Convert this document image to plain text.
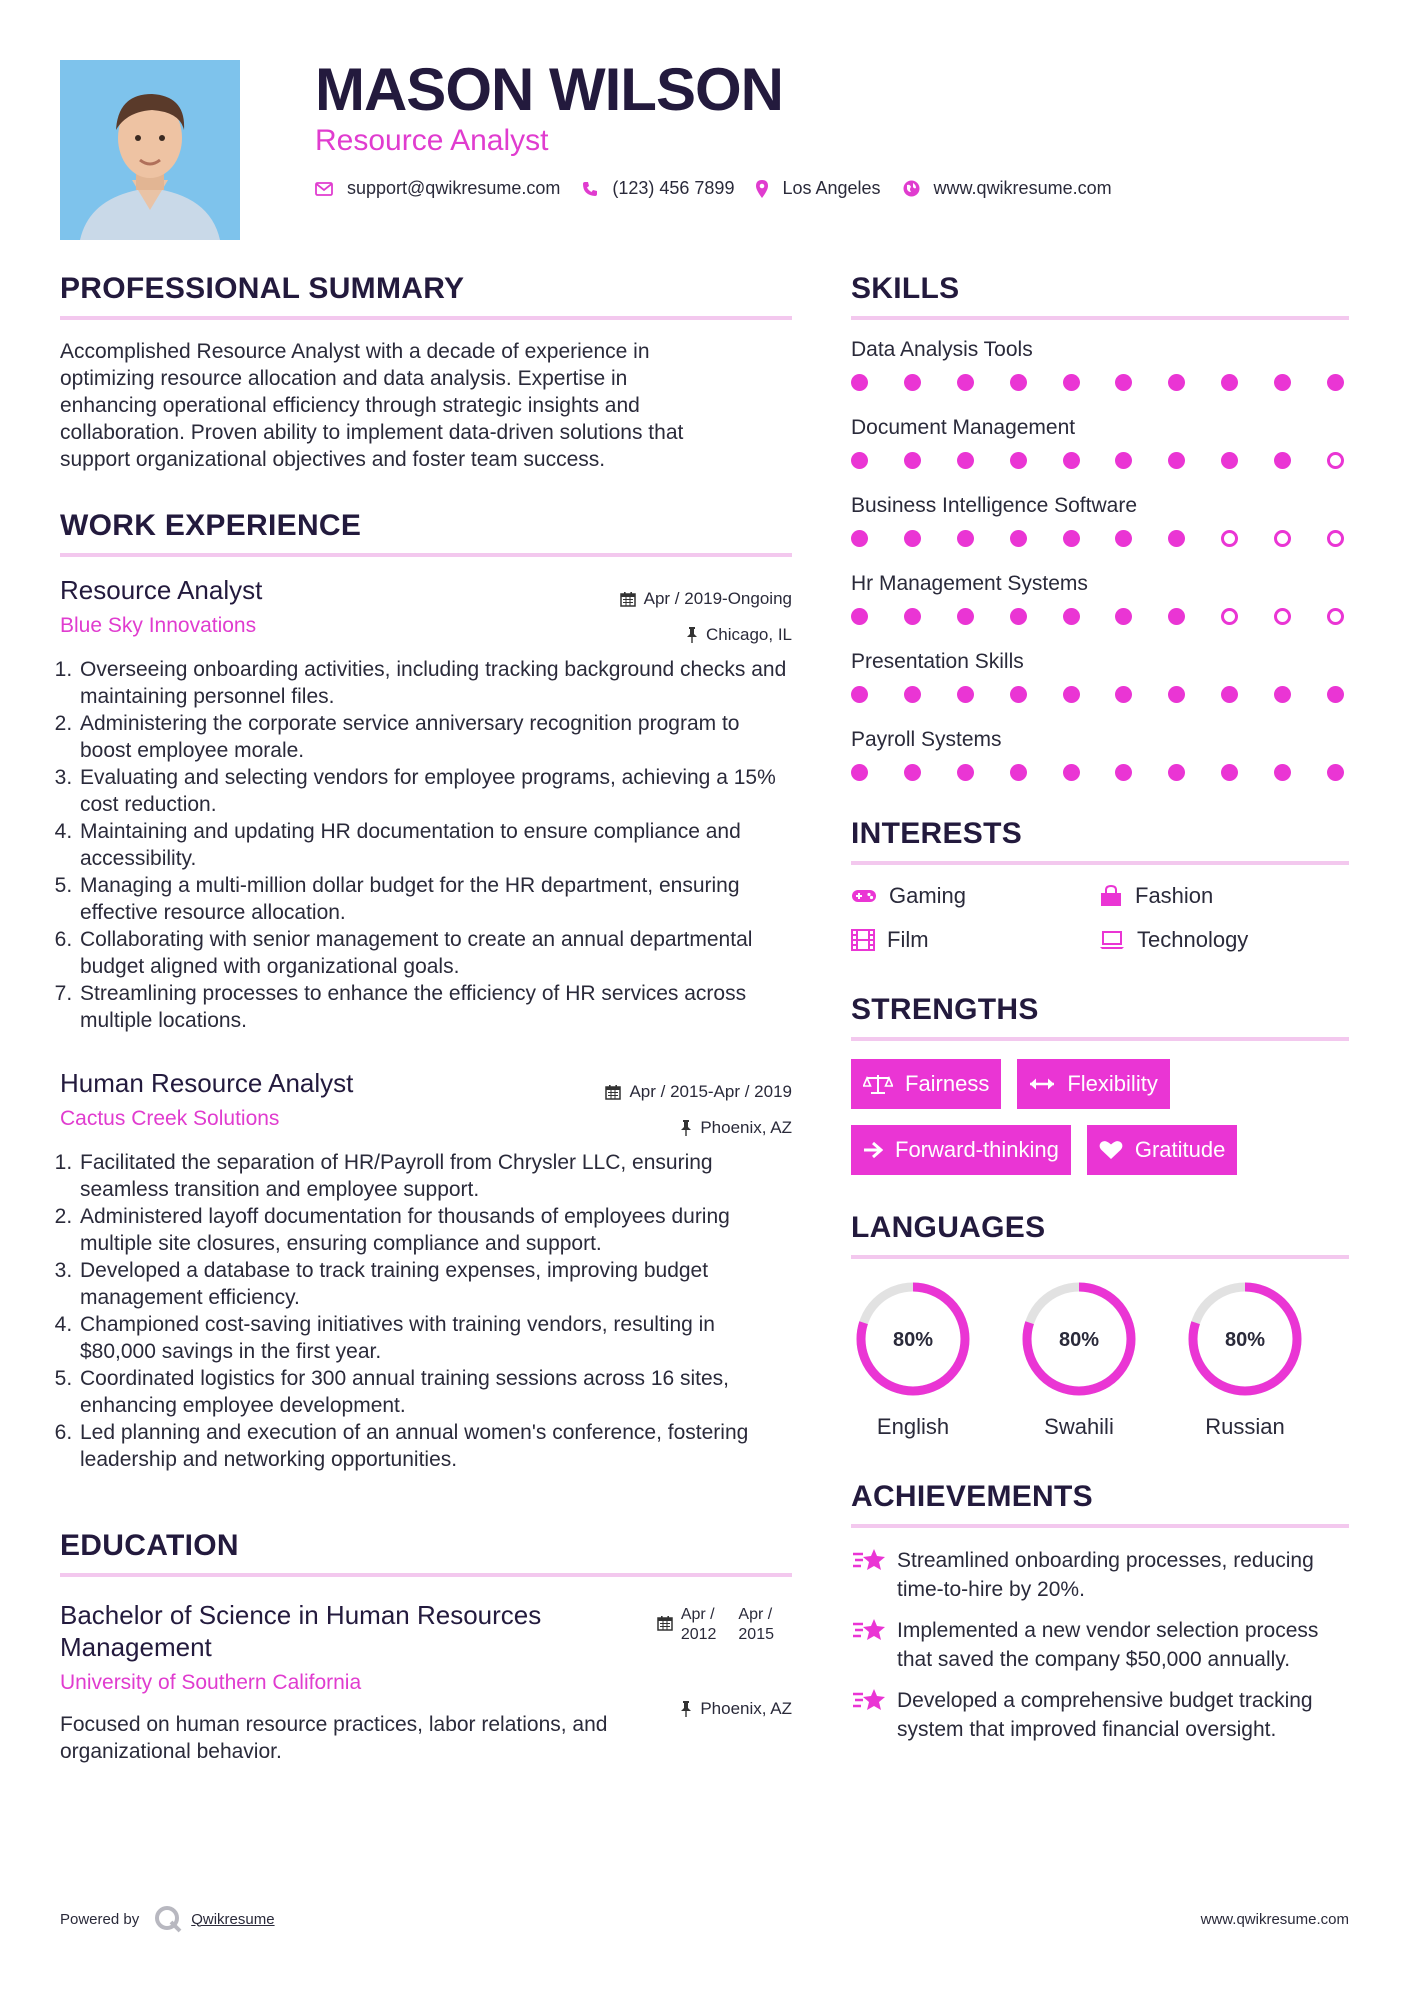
MASON WILSON
Resource Analyst
support@qwikresume.com	(123) 456 7899	Los Angeles	www.qwikresume.com
PROFESSIONAL SUMMARY
Accomplished Resource Analyst with a decade of experience in
optimizing resource allocation and data analysis. Expertise in
enhancing operational efficiency through strategic insights and
collaboration. Proven ability to implement data-driven solutions that
support organizational objectives and foster team success.
WORK EXPERIENCE
Resource Analyst
Blue Sky Innovations
Apr / 2019-Ongoing
Chicago, IL
1. Overseeing onboarding activities, including tracking background checks and maintaining personnel files.
2. Administering the corporate service anniversary recognition program to boost employee morale.
3. Evaluating and selecting vendors for employee programs, achieving a 15% cost reduction.
4. Maintaining and updating HR documentation to ensure compliance and accessibility.
5. Managing a multi-million dollar budget for the HR department, ensuring effective resource allocation.
6. Collaborating with senior management to create an annual departmental budget aligned with organizational goals.
7. Streamlining processes to enhance the efficiency of HR services across multiple locations.
Human Resource Analyst
Cactus Creek Solutions
Apr / 2015-Apr / 2019
Phoenix, AZ
1. Facilitated the separation of HR/Payroll from Chrysler LLC, ensuring seamless transition and employee support.
2. Administered layoff documentation for thousands of employees during multiple site closures, ensuring compliance and support.
3. Developed a database to track training expenses, improving budget management efficiency.
4. Championed cost-saving initiatives with training vendors, resulting in $80,000 savings in the first year.
5. Coordinated logistics for 300 annual training sessions across 16 sites, enhancing employee development.
6. Led planning and execution of an annual women's conference, fostering leadership and networking opportunities.
EDUCATION
Bachelor of Science in Human Resources Management
Apr /
2012
Apr /
2015
University of Southern California
Phoenix, AZ
Focused on human resource practices, labor relations, and organizational behavior.
SKILLS
Data Analysis Tools
Document Management
Business Intelligence Software
Hr Management Systems
Presentation Skills
Payroll Systems
INTERESTS
Gaming	Fashion
Film	Technology
STRENGTHS
Fairness	Flexibility
Forward-thinking	Gratitude
LANGUAGES
80%
English
80%
Swahili
80%
Russian
ACHIEVEMENTS
Streamlined onboarding processes, reducing time-to-hire by 20%.
Implemented a new vendor selection process that saved the company $50,000 annually.
Developed a comprehensive budget tracking system that improved financial oversight.
Powered by	Qwikresume	www.qwikresume.com
